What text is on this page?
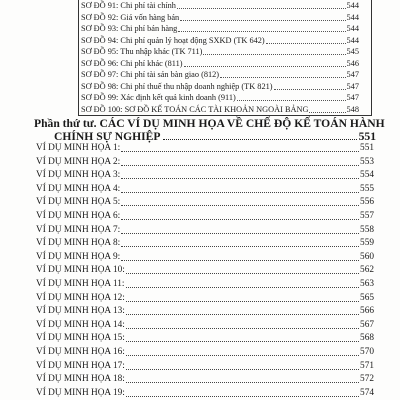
SƠ ĐỒ 91: Chi phí tài chính	544
SƠ ĐỒ 92: Giá vốn hàng bán	544
SƠ ĐỒ 93: Chi phí bán hàng	544
SƠ ĐỒ 94: Chi phí quản lý hoạt động SXKD (TK 642)	544
SƠ ĐỒ 95: Thu nhập khác (TK 711)	545
SƠ ĐỒ 96: Chi phí khác (811)	546
SƠ ĐỒ 97: Chi phí tài sản bàn giao (812)	547
SƠ ĐỒ 98: Chi phí thuế thu nhập doanh nghiệp (TK 821)	547
SƠ ĐỒ 99: Xác định kết quả kinh doanh (911)	547
SƠ ĐỒ 100: SƠ ĐỒ KẾ TOÁN CÁC TÀI KHOẢN NGOÀI BẢNG	548
Phần thứ tư. CÁC VÍ DỤ MINH HỌA VỀ CHẾ ĐỘ KẾ TOÁN HÀNH
CHÍNH SỰ NGHIỆP	551
VÍ DỤ MINH HỌA 1:	551
VÍ DỤ MINH HỌA 2:	553
VÍ DỤ MINH HỌA 3:	554
VÍ DỤ MINH HỌA 4:	555
VÍ DỤ MINH HỌA 5:	556
VÍ DỤ MINH HỌA 6:	557
VÍ DỤ MINH HỌA 7:	558
VÍ DỤ MINH HỌA 8:	559
VÍ DỤ MINH HỌA 9:	560
VÍ DỤ MINH HỌA 10:	562
VÍ DỤ MINH HỌA 11:	563
VÍ DỤ MINH HỌA 12:	565
VÍ DỤ MINH HỌA 13:	566
VÍ DỤ MINH HỌA 14:	567
VÍ DỤ MINH HỌA 15:	568
VÍ DỤ MINH HỌA 16:	570
VÍ DỤ MINH HỌA 17:	571
VÍ DỤ MINH HỌA 18:	572
VÍ DỤ MINH HỌA 19:	574
